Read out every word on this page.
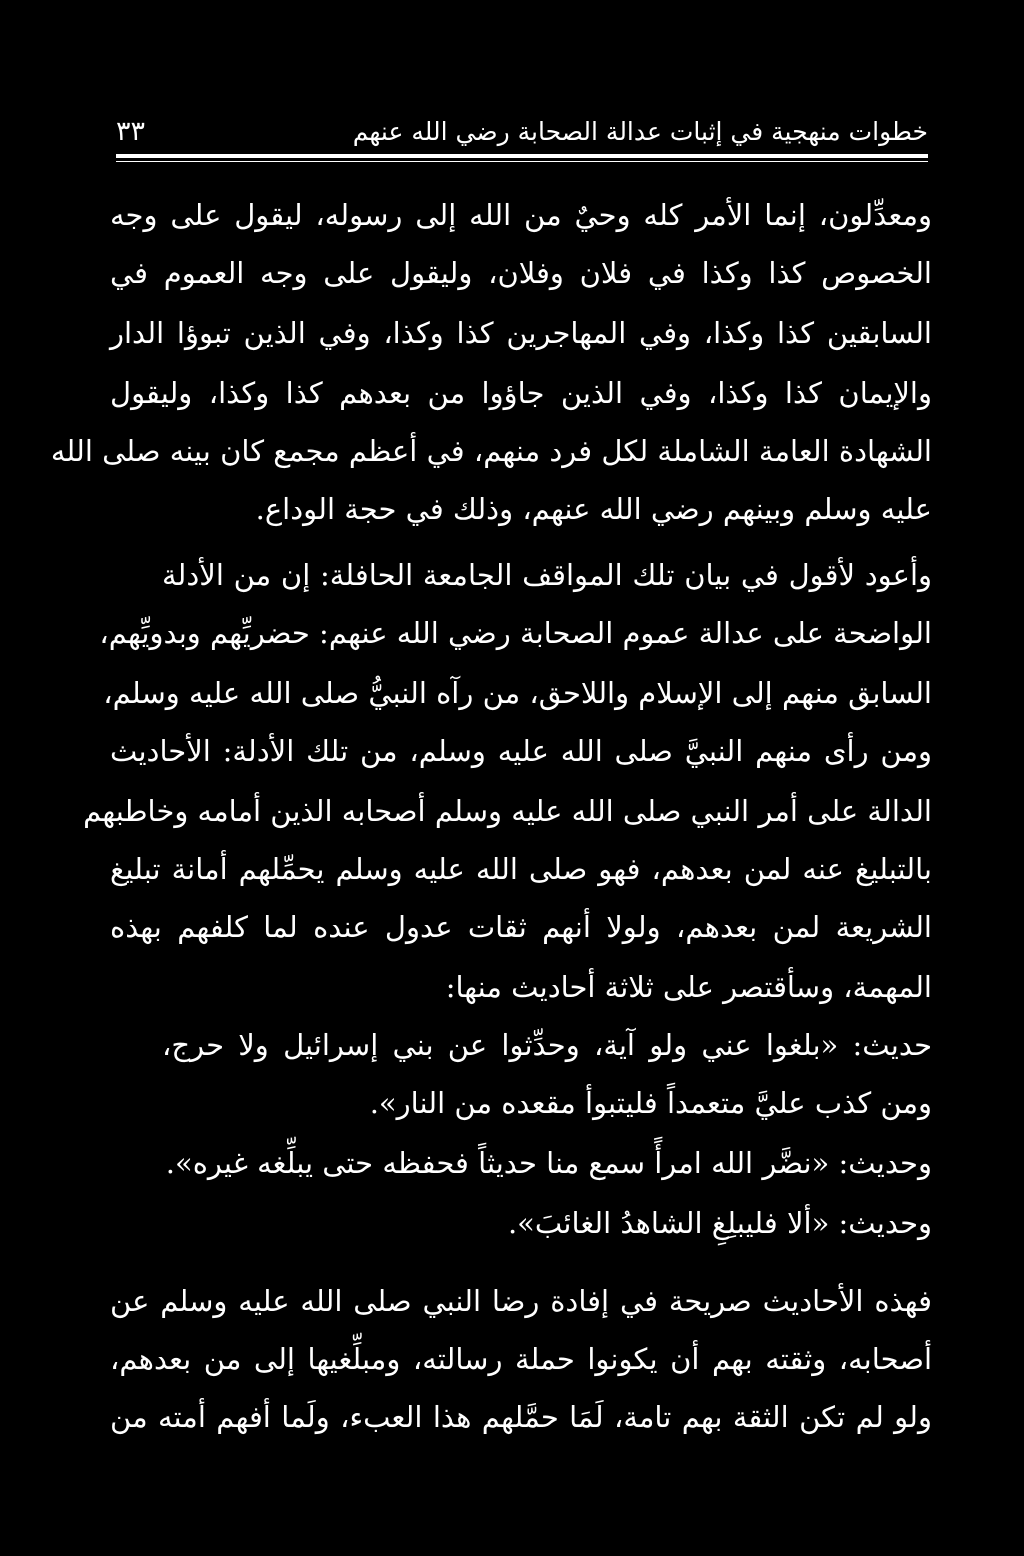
خطوات منهجية في إثبات عدالة الصحابة رضي الله عنهم
٣٣
ومعدِّلون، إنما الأمر كله وحيٌ من الله إلى رسوله، ليقول على وجه
الخصوص كذا وكذا في فلان وفلان، وليقول على وجه العموم في
السابقين كذا وكذا، وفي المهاجرين كذا وكذا، وفي الذين تبوؤا الدار
والإيمان كذا وكذا، وفي الذين جاؤوا من بعدهم كذا وكذا، وليقول
الشهادة العامة الشاملة لكل فرد منهم، في أعظم مجمع كان بينه صلى الله
عليه وسلم وبينهم رضي الله عنهم، وذلك في حجة الوداع.
وأعود لأقول في بيان تلك المواقف الجامعة الحافلة: إن من الأدلة
الواضحة على عدالة عموم الصحابة رضي الله عنهم: حضريِّهم وبدويِّهم،
السابق منهم إلى الإسلام واللاحق، من رآه النبيُّ صلى الله عليه وسلم،
ومن رأى منهم النبيَّ صلى الله عليه وسلم، من تلك الأدلة: الأحاديث
الدالة على أمر النبي صلى الله عليه وسلم أصحابه الذين أمامه وخاطبهم
بالتبليغ عنه لمن بعدهم، فهو صلى الله عليه وسلم يحمِّلهم أمانة تبليغ
الشريعة لمن بعدهم، ولولا أنهم ثقات عدول عنده لما كلفهم بهذه
المهمة، وسأقتصر على ثلاثة أحاديث منها:
حديث: «بلغوا عني ولو آية، وحدِّثوا عن بني إسرائيل ولا حرج،
ومن كذب عليَّ متعمداً فليتبوأ مقعده من النار».
وحديث: «نضَّر الله امرأً سمع منا حديثاً فحفظه حتى يبلِّغه غيره».
وحديث: «ألا فليبلِغِ الشاهدُ الغائبَ».
فهذه الأحاديث صريحة في إفادة رضا النبي صلى الله عليه وسلم عن
أصحابه، وثقته بهم أن يكونوا حملة رسالته، ومبلِّغيها إلى من بعدهم،
ولو لم تكن الثقة بهم تامة، لَمَا حمَّلهم هذا العبء، ولَما أفهم أمته من
